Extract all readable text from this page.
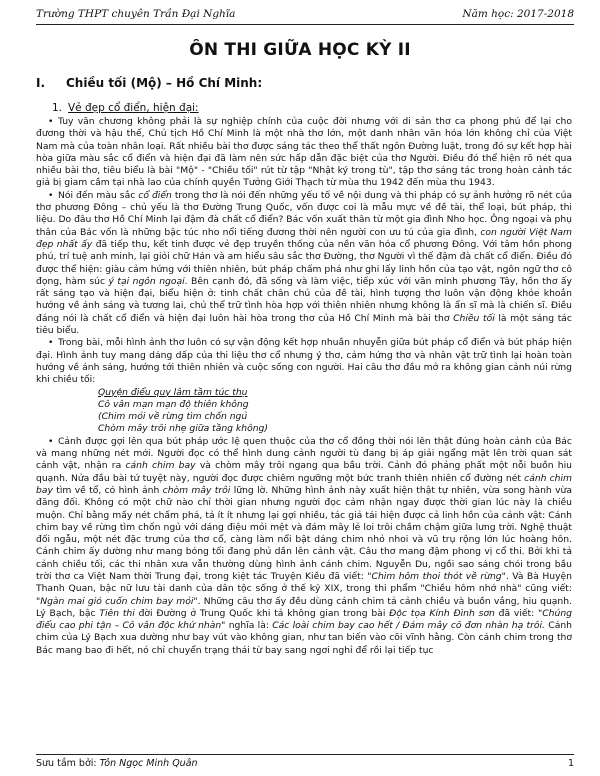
Trường THPT chuyên Trần Đại Nghĩa	Năm học: 2017-2018
ÔN THI GIỮA HỌC KỲ II
I. Chiều tối (Mộ) – Hồ Chí Minh:
1. Vẻ đẹp cổ điển, hiện đại:

• Tuy văn chương không phải là sự nghiệp chính của cuộc đời nhưng với di sản thơ ca phong phú để lại cho đương thời và hậu thế, Chủ tịch Hồ Chí Minh là một nhà thơ lớn, một danh nhân văn hóa lớn không chỉ của Việt Nam mà của toàn nhân loại. Rất nhiều bài thơ được sáng tác theo thể thất ngôn Đường luật, trong đó sự kết hợp hài hòa giữa màu sắc cổ điển và hiện đại đã làm nên sức hấp dẫn đặc biệt của thơ Người. Điều đó thể hiện rõ nét qua nhiều bài thơ, tiêu biểu là bài "Mộ" - "Chiều tối" rút từ tập "Nhật ký trong tù", tập thơ sáng tác trong hoàn cảnh tác giả bị giam cầm tại nhà lao của chính quyền Tưởng Giới Thạch từ mùa thu 1942 đến mùa thu 1943.

• Nói đến màu sắc cổ điển trong thơ là nói đến những yếu tố về nội dung và thi pháp có sự ảnh hưởng rõ nét của thơ phương Đông – chủ yếu là thơ Đường Trung Quốc, vốn được coi là mẫu mực về đề tài, thể loại, bút pháp, thi liệu. Do đâu thơ Hồ Chí Minh lại đậm đà chất cổ điển? Bác vốn xuất thân từ một gia đình Nho học. Ông ngoại và phụ thân của Bác vốn là những bậc túc nho nổi tiếng đương thời nên người con ưu tú của gia đình, con người Việt Nam đẹp nhất ấy đã tiếp thu, kết tinh được vẻ đẹp truyền thống của nền văn hóa cổ phương Đông. Với tâm hồn phong phú, trí tuệ anh minh, lại giỏi chữ Hán và am hiểu sâu sắc thơ Đường, thơ Người vì thế đậm đà chất cổ điển. Điều đó được thể hiện: giàu cảm hứng với thiên nhiên, bút pháp chấm phá như ghi lấy linh hồn của tạo vật, ngôn ngữ thơ cô đọng, hàm súc ý tại ngôn ngoại. Bên cạnh đó, đã sống và làm việc, tiếp xúc với văn minh phương Tây, hồn thơ ấy rất sáng tạo và hiện đại, biểu hiện ở: tinh chất chân chủ của đề tài, hình tượng thơ luôn vận động khỏe khoắn hướng về ánh sáng và tương lai, chủ thể trữ tình hòa hợp với thiên nhiên nhưng không là ẩn sĩ mà là chiến sĩ. Điều đáng nói là chất cổ điển và hiện đại luôn hài hòa trong thơ của Hồ Chí Minh mà bài thơ Chiều tối là một sáng tác tiêu biểu.

• Trong bài, mỗi hình ảnh thơ luôn có sự vận động kết hợp nhuần nhuyễn giữa bút pháp cổ điển và bút pháp hiện đại. Hình ảnh tuy mang dáng dấp của thi liệu thơ cổ nhưng ý thơ, cảm hứng thơ và nhân vật trữ tình lại hoàn toàn hướng về ánh sáng, hướng tới thiên nhiên và cuộc sống con người. Hai câu thơ đầu mở ra không gian cảnh núi rừng khi chiều tối:

Quyện điểu quy lâm tầm túc thụ

Cô vân mạn mạn độ thiên không

(Chim mỏi về rừng tìm chốn ngủ

Chòm mây trôi nhẹ giữa tầng không)

• Cảnh được gợi lên qua bút pháp ước lệ quen thuộc của thơ cổ đồng thời nói lên thật đúng hoàn cảnh của Bác và mang những nét mới. Người đọc có thể hình dung cảnh người tù đang bị áp giải ngẩng mặt lên trời quan sát cánh vật, nhận ra cánh chim bay và chòm mây trôi ngang qua bầu trời. Cảnh đó phảng phất một nỗi buồn hiu quạnh. Nửa đầu bài tứ tuyệt này, người đọc được chiêm ngưỡng một bức tranh thiên nhiên cổ đường nét cánh chim bay tìm về tổ, có hình ảnh chòm mây trôi lững lờ. Những hình ảnh này xuất hiện thật tự nhiên, vừa song hành vừa đăng đối. Không có một chữ nào chỉ thời gian nhưng người đọc cảm nhận ngay được thời gian lúc này là chiều muộn. Chỉ bằng mấy nét chấm phá, tả ít ít nhưng lại gợi nhiều, tác giả tái hiện được cả linh hồn của cảnh vật: Cánh chim bay về rừng tìm chốn ngủ với dáng điệu mỏi mệt và đám mây lẻ loi trôi chầm chậm giữa lưng trời. Nghệ thuật đối ngẫu, một nét đặc trưng của thơ cổ, càng làm nổi bật dáng chim nhỏ nhoi và vũ trụ rộng lớn lúc hoàng hôn. Cánh chim ấy dường như mang bóng tối đang phủ dần lên cảnh vật. Câu thơ mang đậm phong vị cổ thi. Bởi khi tả cảnh chiều tối, các thi nhân xưa vẫn thường dùng hình ảnh cánh chim. Nguyễn Du, ngồi sao sáng chói trong bầu trời thơ ca Việt Nam thời Trung đại, trong kiệt tác Truyện Kiều đã viết: "Chim hôm thoi thót về rừng". Và Bà Huyện Thanh Quan, bậc nữ lưu tài danh của dân tộc sống ở thế kỷ XIX, trong thi phẩm "Chiều hôm nhớ nhà" cũng viết: "Ngàn mai gió cuốn chim bay mỏi". Những câu thơ ấy đều dùng cánh chim tả cảnh chiều và buồn vắng, hiu quạnh. Lý Bạch, bậc Tiên thi đời Đường ở Trung Quốc khi tả không gian trong bài Độc tọa Kính Đình sơn đã viết: "Chúng điểu cao phi tận – Cô vân độc khứ nhàn" nghĩa là: Các loài chim bay cao hết / Đám mây cô đơn nhàn hạ trôi. Cánh chim của Lý Bạch xua dường như bay vút vào không gian, như tan biến vào cõi vĩnh hằng. Còn cánh chim trong thơ Bác mang bao đi hết, nó chỉ chuyển trạng thái từ bay sang ngơi nghỉ để rồi lại tiếp tục

Sưu tầm bởi: Tôn Ngọc Minh Quân	1
